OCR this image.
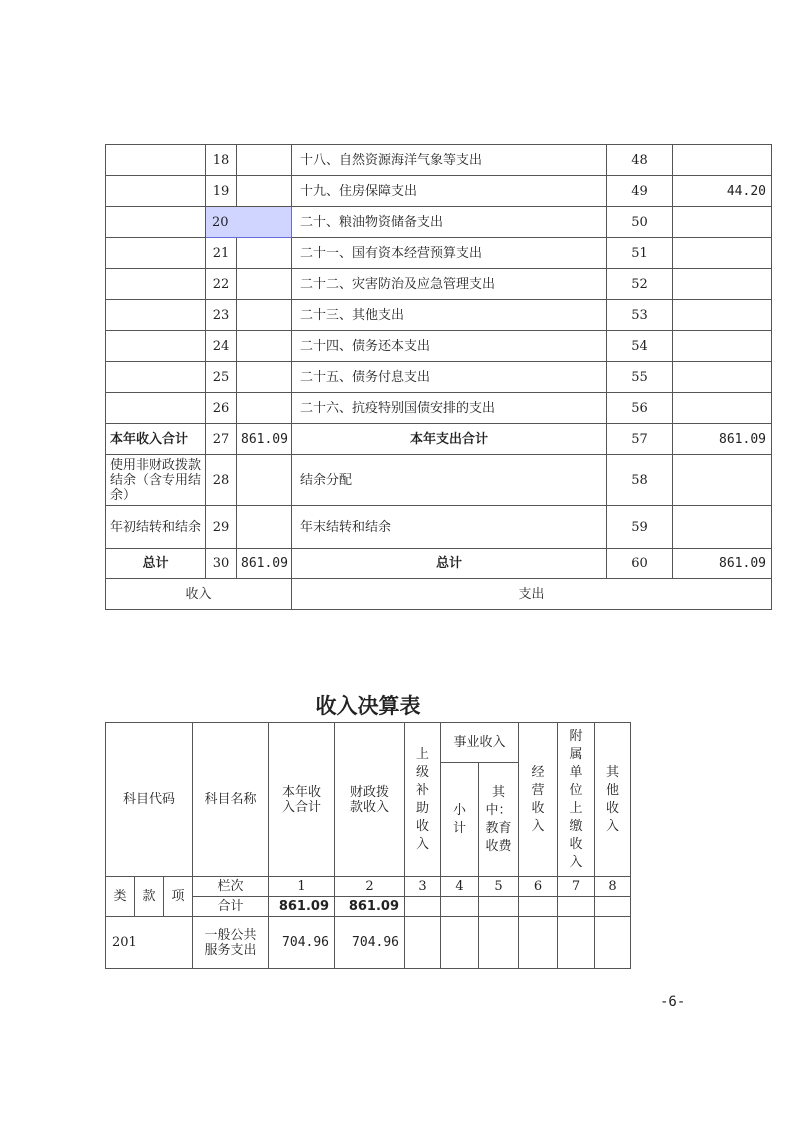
	18		十八、自然资源海洋气象等支出	48	
	19		十九、住房保障支出	49	44.20
	20		二十、粮油物资储备支出	50	
	21		二十一、国有资本经营预算支出	51	
	22		二十二、灾害防治及应急管理支出	52	
	23		二十三、其他支出	53	
	24		二十四、债务还本支出	54	
	25		二十五、债务付息支出	55	
	26		二十六、抗疫特别国债安排的支出	56	
本年收入合计	27	861.09	本年支出合计	57	861.09
使用非财政拨款结余（含专用结余）	28		结余分配	58	
年初结转和结余	29		年末结转和结余	59	
总计	30	861.09	总计	60	861.09
收入			支出		
收入决算表
科目代码			科目名称	本年收入合计	财政拨款收入	上级补助收入	事业收入		经营收入	附属单位上缴收入	其他收入
							小计	其中：教育收费			
类	款	项	栏次	1	2	3	4	5	6	7	8
			合计	861.09	861.09						
201			一般公共服务支出	704.96	704.96						
-6-
